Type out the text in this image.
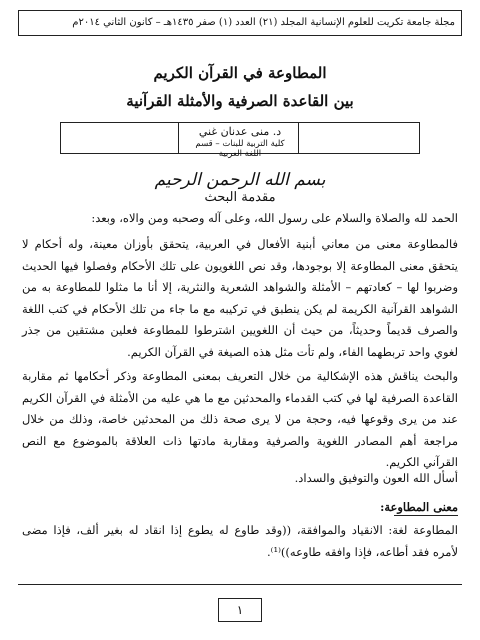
مجلة جامعة تكريت للعلوم الإنسانية المجلد (٢١) العدد (١) صفر ١٤٣٥هـ – كانون الثاني ٢٠١٤م
المطاوعة في القرآن الكريم
بين القاعدة الصرفية والأمثلة القرآنية
د. منى عدنان غني
كلية التربية للبنات – قسم اللغة العربية
بسم الله الرحمن الرحيم
مقدمة البحث
الحمد لله والصلاة والسلام على رسول الله، وعلى آله وصحبه ومن والاه، وبعد:
فالمطاوعة معنى من معاني أبنية الأفعال في العربية، يتحقق بأوزان معينة، وله أحكام لا يتحقق معنى المطاوعة إلا بوجودها، وقد نص اللغويون على تلك الأحكام وفصلوا فيها الحديث وضربوا لها – كعادتهم – الأمثلة والشواهد الشعرية والنثرية، إلا أنا ما مثلوا للمطاوعة به من الشواهد القرآنية الكريمة لم يكن ينطبق في تركيبه مع ما جاء من تلك الأحكام في كتب اللغة والصرف قديماً وحديثاً، من حيث أن اللغويين اشترطوا للمطاوعة فعلين مشتقين من جذر لغوي واحد تربطهما الفاء، ولم تأت مثل هذه الصيغة في القرآن الكريم.
والبحث يناقش هذه الإشكالية من خلال التعريف بمعنى المطاوعة وذكر أحكامها ثم مقاربة القاعدة الصرفية لها في كتب القدماء والمحدثين مع ما هي عليه من الأمثلة في القرآن الكريم عند من يرى وقوعها فيه، وحجة من لا يرى صحة ذلك من المحدثين خاصة، وذلك من خلال مراجعة أهم المصادر اللغوية والصرفية ومقاربة مادتها ذات العلاقة بالموضوع مع النص القرآني الكريم.
أسأل الله العون والتوفيق والسداد.
معنى المطاوعة:
المطاوعة لغة: الانقياد والموافقة، ((وقد طاوع له يطوع إذا انقاد له بغير ألف، فإذا مضى لأمره فقد أطاعه، فإذا وافقه طاوعه))⁽¹⁾.
١
